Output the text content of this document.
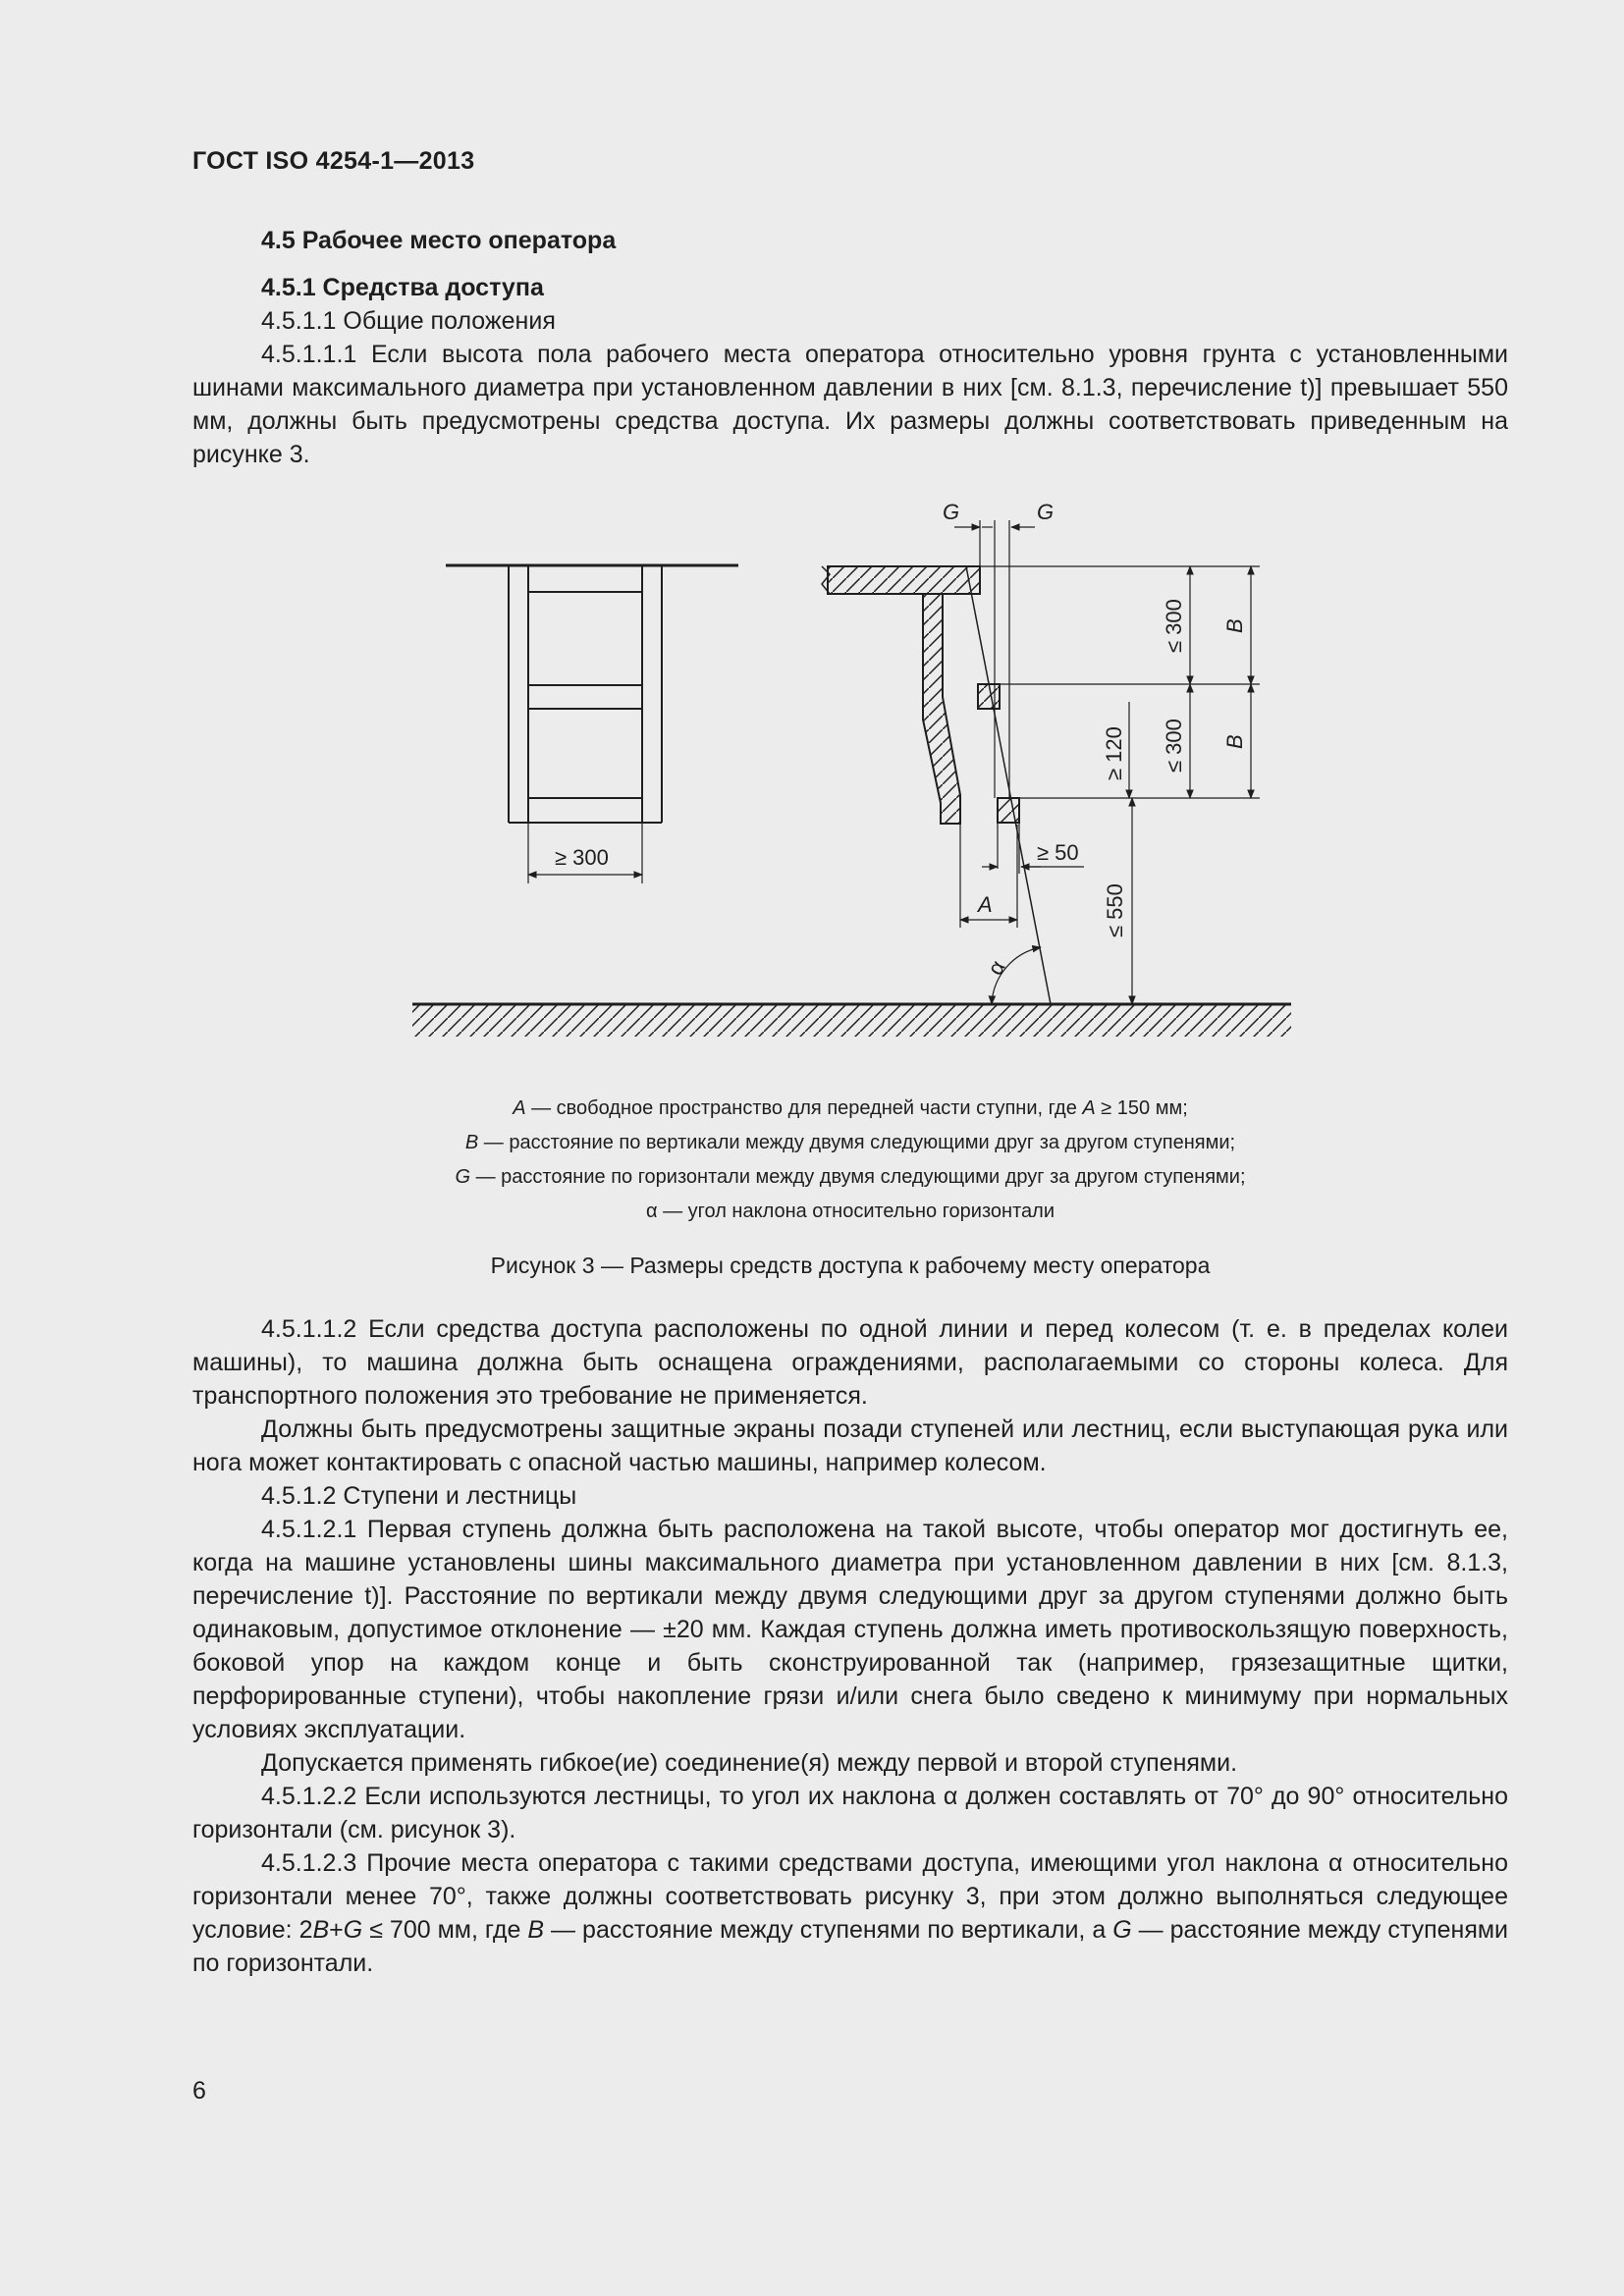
ГОСТ ISO 4254-1—2013

4.5 Рабочее место оператора

4.5.1 Средства доступа

4.5.1.1 Общие положения

4.5.1.1.1 Если высота пола рабочего места оператора относительно уровня грунта с установленными шинами максимального диаметра при установленном давлении в них [см. 8.1.3, перечисление t)] превышает 550 мм, должны быть предусмотрены средства доступа. Их размеры должны соответствовать приведенным на рисунке 3.

≥ 300
G	G
≤ 300 B
≤ 300 B
≥ 120
≤ 550
≥ 50
A
α
A — свободное пространство для передней части ступни, где A ≥ 150 мм;
B — расстояние по вертикали между двумя следующими друг за другом ступенями;
G — расстояние по горизонтали между двумя следующими друг за другом ступенями;
α — угол наклона относительно горизонтали
Рисунок 3 — Размеры средств доступа к рабочему месту оператора

4.5.1.1.2 Если средства доступа расположены по одной линии и перед колесом (т. е. в пределах колеи машины), то машина должна быть оснащена ограждениями, располагаемыми со стороны колеса. Для транспортного положения это требование не применяется.

Должны быть предусмотрены защитные экраны позади ступеней или лестниц, если выступающая рука или нога может контактировать с опасной частью машины, например колесом.

4.5.1.2 Ступени и лестницы

4.5.1.2.1 Первая ступень должна быть расположена на такой высоте, чтобы оператор мог достигнуть ее, когда на машине установлены шины максимального диаметра при установленном давлении в них [см. 8.1.3, перечисление t)]. Расстояние по вертикали между двумя следующими друг за другом ступенями должно быть одинаковым, допустимое отклонение — ±20 мм. Каждая ступень должна иметь противоскользящую поверхность, боковой упор на каждом конце и быть сконструированной так (например, грязезащитные щитки, перфорированные ступени), чтобы накопление грязи и/или снега было сведено к минимуму при нормальных условиях эксплуатации.

Допускается применять гибкое(ие) соединение(я) между первой и второй ступенями.

4.5.1.2.2 Если используются лестницы, то угол их наклона α должен составлять от 70° до 90° относительно горизонтали (см. рисунок 3).

4.5.1.2.3 Прочие места оператора с такими средствами доступа, имеющими угол наклона α относительно горизонтали менее 70°, также должны соответствовать рисунку 3, при этом должно выполняться следующее условие: 2B+G ≤ 700 мм, где B — расстояние между ступенями по вертикали, а G — расстояние между ступенями по горизонтали.

6
